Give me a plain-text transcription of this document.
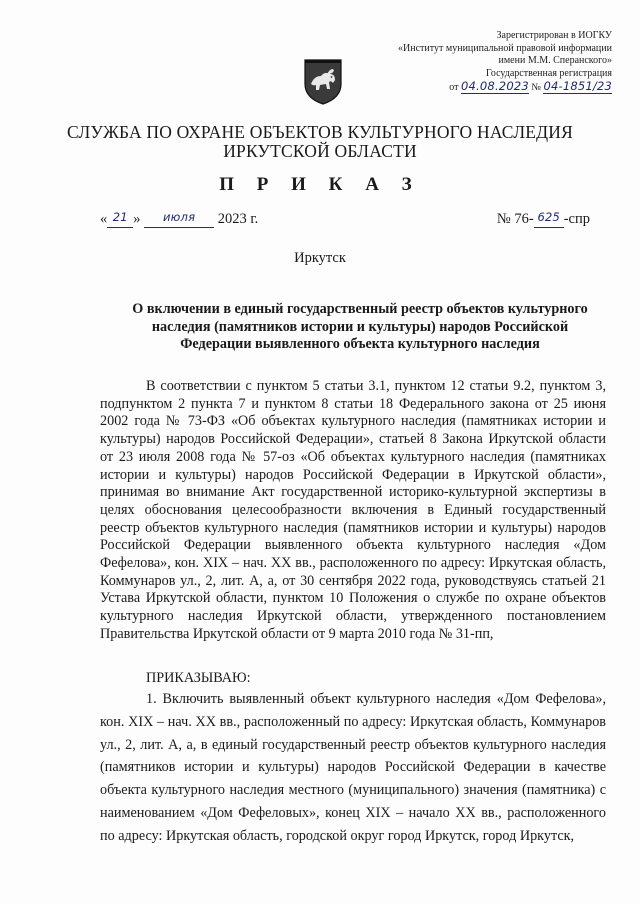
Зарегистрирован в ИОГКУ
«Институт муниципальной правовой информации
имени М.М. Сперанского»
Государственная регистрация
от 04.08.2023 № 04-1851/23
СЛУЖБА ПО ОХРАНЕ ОБЪЕКТОВ КУЛЬТУРНОГО НАСЛЕДИЯ
ИРКУТСКОЙ ОБЛАСТИ
П Р И К А З
« 21 » июля 2023 г.	№ 76- 625 -спр
Иркутск
О включении в единый государственный реестр объектов культурного
наследия (памятников истории и культуры) народов Российской
Федерации выявленного объекта культурного наследия

В соответствии с пунктом 5 статьи 3.1, пунктом 12 статьи 9.2, пунктом 3, подпунктом 2 пункта 7 и пунктом 8 статьи 18 Федерального закона от 25 июня 2002 года № 73-ФЗ «Об объектах культурного наследия (памятниках истории и культуры) народов Российской Федерации», статьей 8 Закона Иркутской области от 23 июля 2008 года № 57-оз «Об объектах культурного наследия (памятниках истории и культуры) народов Российской Федерации в Иркутской области», принимая во внимание Акт государственной историко-культурной экспертизы в целях обоснования целесообразности включения в Единый государственный реестр объектов культурного наследия (памятников истории и культуры) народов Российской Федерации выявленного объекта культурного наследия «Дом Фефелова», кон. XIX – нач. XX вв., расположенного по адресу: Иркутская область, Коммунаров ул., 2, лит. А, а, от 30 сентября 2022 года, руководствуясь статьей 21 Устава Иркутской области, пунктом 10 Положения о службе по охране объектов культурного наследия Иркутской области, утвержденного постановлением Правительства Иркутской области от 9 марта 2010 года № 31-пп,

ПРИКАЗЫВАЮ:

1. Включить выявленный объект культурного наследия «Дом Фефелова», кон. XIX – нач. XX вв., расположенный по адресу: Иркутская область, Коммунаров ул., 2, лит. А, а, в единый государственный реестр объектов культурного наследия (памятников истории и культуры) народов Российской Федерации в качестве объекта культурного наследия местного (муниципального) значения (памятника) с наименованием «Дом Фефеловых», конец XIX – начало XX вв., расположенного по адресу: Иркутская область, городской округ город Иркутск, город Иркутск,
